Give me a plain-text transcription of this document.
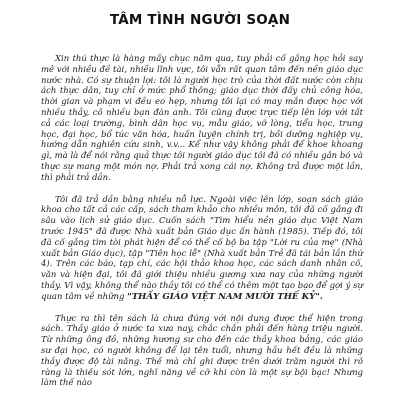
TÂM TÌNH NGƯỜI SOẠN

Xin thú thực là hàng mấy chục năm qua, tuy phải cố gắng học hỏi say mê với nhiều đề tài, nhiều lĩnh vực, tôi vẫn rất quan tâm đến nền giáo dục nước nhà. Có sự thuận lợi: tôi là người học trò của thời đất nước còn chịu ách thực dân, tuy chỉ ở mức phổ thông; giáo dục thời đấy chủ công hóa, thời gian và phạm vi đều eo hẹp, nhưng tôi lại có may mắn được học với nhiều thầy, cô nhiều bạn đàn anh. Tôi cũng được trực tiếp lên lớp với tất cả các loại trường, bình dân học vụ, mẫu giáo, vỡ lòng, tiểu học, trung học, đại học, bổ túc văn hóa, huấn luyện chính trị, bồi dưỡng nghiệp vụ, hướng dẫn nghiên cứu sinh, v.v... Kể như vậy không phải để khoe khoang gì, mà là để nói rằng quả thực tôi người giáo dục tôi đã có nhiều gắn bó và thực sự mang một món nợ. Phải trả xong cái nợ. Không trả được một lần, thì phải trả dần.

Tôi đã trả dần bằng nhiều nỗ lực. Ngoài việc lên lớp, soạn sách giáo khoa cho tất cả các cấp, sách tham khảo cho nhiều môn, tôi đã cố gắng đi sâu vào lịch sử giáo dục. Cuốn sách "Tìm hiểu nền giáo dục Việt Nam trước 1945" đã được Nhà xuất bản Giáo dục ấn hành (1985). Tiếp đó, tôi đã cố gắng tìm tòi phát hiện để có thể cố bộ ba tập "Lời ru của mẹ" (Nhà xuất bản Giáo dục), tập "Tiên học lễ" (Nhà xuất bản Trẻ đã tái bản lần thứ 4). Trên các báo, tạp chí, các hội thảo khoa học, các sách danh nhân cố, văn và hiện đại, tôi đã giới thiệu nhiều gương xưa nay của những người thầy. Vì vậy, không thể nào thầy tôi có thể có thêm một tạo bạo để gợi ý sự quan tâm về những "THẦY GIÁO VIỆT NAM MƯỜI THẾ KỶ".

Thực ra thì tên sách là chưa đúng với nội dung được thể hiện trong sách. Thầy giáo ở nước ta xưa nay, chắc chắn phải đến hàng triệu người. Từ những ông đồ, những hương sư cho đến các thầy khoa bảng, các giáo sư đại học, có người không để lại tên tuổi, nhưng hầu hết đều là những thầy được độ tài năng. Thế mà chỉ ghi được trên dưới trăm người thì rõ ràng là thiếu sót lớn, nghĩ năng về cỡ khi còn là một sự bội bạc! Nhưng làm thế nào
